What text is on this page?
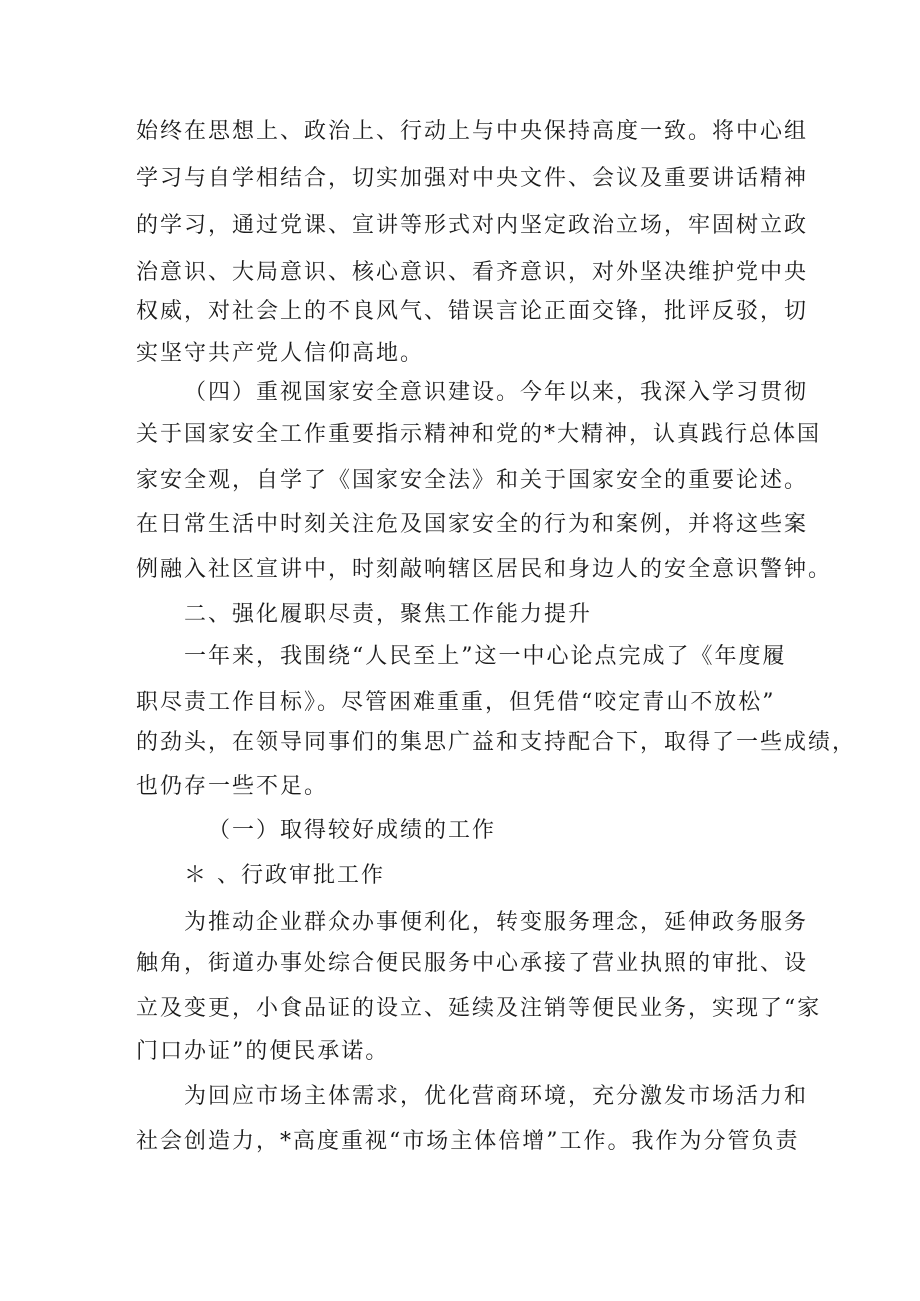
始终在思想上、政治上、行动上与中央保持高度一致。将中心组
学习与自学相结合，切实加强对中央文件、会议及重要讲话精神
的学习，通过党课、宣讲等形式对内坚定政治立场，牢固树立政
治意识、大局意识、核心意识、看齐意识，对外坚决维护党中央
权威，对社会上的不良风气、错误言论正面交锋，批评反驳，切
实坚守共产党人信仰高地。
（四）重视国家安全意识建设。今年以来，我深入学习贯彻
关于国家安全工作重要指示精神和党的*大精神，认真践行总体国
家安全观，自学了《国家安全法》和关于国家安全的重要论述。
在日常生活中时刻关注危及国家安全的行为和案例，并将这些案
例融入社区宣讲中，时刻敲响辖区居民和身边人的安全意识警钟。
二、强化履职尽责，聚焦工作能力提升
一年来，我围绕“人民至上”这一中心论点完成了《年度履
职尽责工作目标》。尽管困难重重，但凭借“咬定青山不放松”
的劲头，在领导同事们的集思广益和支持配合下，取得了一些成绩，
也仍存一些不足。
（一）取得较好成绩的工作
＊ 、行政审批工作
为推动企业群众办事便利化，转变服务理念，延伸政务服务
触角，街道办事处综合便民服务中心承接了营业执照的审批、设
立及变更，小食品证的设立、延续及注销等便民业务，实现了“家
门口办证”的便民承诺。
为回应市场主体需求，优化营商环境，充分激发市场活力和
社会创造力，*高度重视“市场主体倍增”工作。我作为分管负责
